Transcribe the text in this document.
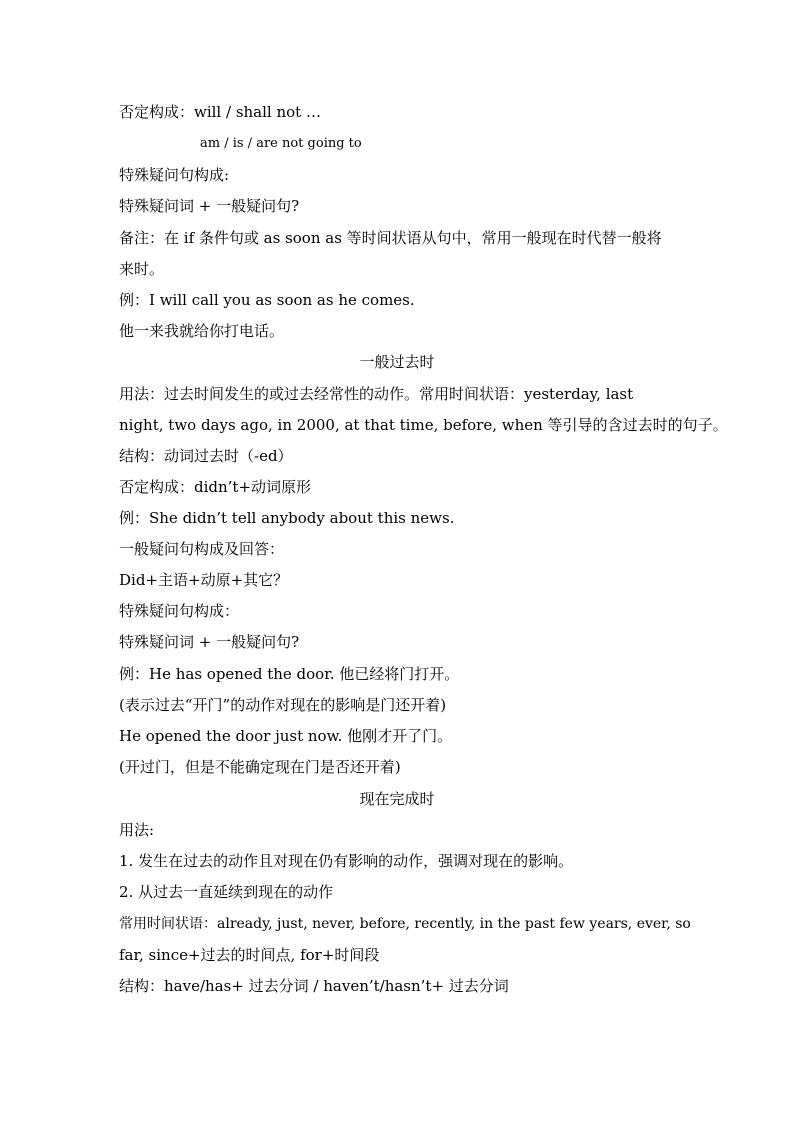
否定构成：will / shall not …
am / is / are not going to
特殊疑问句构成:
特殊疑问词 + 一般疑问句?
备注：在 if 条件句或 as soon as 等时间状语从句中，常用一般现在时代替一般将
来时。
例：I will call you as soon as he comes.
他一来我就给你打电话。
一般过去时
用法：过去时间发生的或过去经常性的动作。常用时间状语：yesterday, last
night, two days ago, in 2000, at that time, before, when 等引导的含过去时的句子。
结构：动词过去时（-ed）
否定构成：didn’t+动词原形
例：She didn’t tell anybody about this news.
一般疑问句构成及回答：
Did+主语+动原+其它？
特殊疑问句构成：
特殊疑问词 + 一般疑问句?
例：He has opened the door. 他已经将门打开。
(表示过去“开门”的动作对现在的影响是门还开着)
He opened the door just now. 他刚才开了门。
(开过门，但是不能确定现在门是否还开着)
现在完成时
用法:
1. 发生在过去的动作且对现在仍有影响的动作，强调对现在的影响。
2. 从过去一直延续到现在的动作
常用时间状语：already, just, never, before, recently, in the past few years, ever, so
far, since+过去的时间点, for+时间段
结构：have/has+ 过去分词 / haven’t/hasn’t+ 过去分词
